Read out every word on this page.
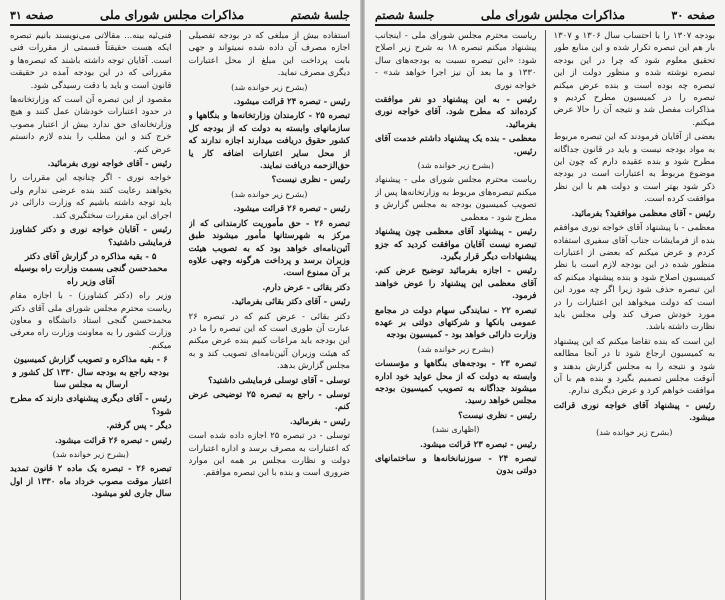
صفحه ۳۰
مذاکرات مجلس شورای ملی
جلسهٔ شصتم

بودجه ۱۳۰۷ را با احتساب سال ۱۳۰۶ و ۱۳۰۷ بار هم این تبصره تکرار شده و این منابع طور تحقیق معلوم شود که چرا در این بودجه تبصره نوشته شده و منظور دولت از این تبصره چه بوده است و بنده عرض میکنم تبصره را در کمیسیون مطرح کردیم و مذاکرات مفصل شد و نتیجه آن را حالا عرض میکنم.

بعضی از آقایان فرمودند که این تبصره مربوط به مواد بودجه نیست و باید در قانون جداگانه مطرح شود و بنده عقیده دارم که چون این موضوع مربوط به اعتبارات است در بودجه ذکر شود بهتر است و دولت هم با این نظر موافقت کرده است.

رئیس - آقای معظمی موافقید؟ بفرمائید.

معظمی - با پیشنهاد آقای خواجه نوری موافقم بنده از فرمایشات جناب آقای سفیری استفاده کردم و عرض میکنم که بعضی از اعتبارات منظور شده در این بودجه لازم است با نظر کمیسیون اصلاح شود و بنده پیشنهاد میکنم که این تبصره حذف شود زیرا اگر چه مورد این است که دولت میخواهد این اعتبارات را در مورد خودش صرف کند ولی مجلس باید نظارت داشته باشد.

این است که بنده تقاضا میکنم که این پیشنهاد به کمیسیون ارجاع شود تا در آنجا مطالعه شود و نتیجه را به مجلس گزارش بدهند و آنوقت مجلس تصمیم بگیرد و بنده هم با آن موافقت خواهم کرد و عرض دیگری ندارم.

رئیس - پیشنهاد آقای خواجه نوری قرائت میشود.

(بشرح زیر خوانده شد)

ریاست محترم مجلس شورای ملی - اینجانب پیشنهاد میکنم تبصره ۱۸ به شرح زیر اصلاح شود: «این تبصره نسبت به بودجه‌های سال ۱۳۳۰ و ما بعد آن نیز اجرا خواهد شد» - خواجه نوری

رئیس - به این پیشنهاد دو نفر موافقت کرده‌اند که مطرح شود. آقای خواجه نوری بفرمائید.

معظمی - بنده یک پیشنهاد داشتم خدمت آقای رئیس.

(بشرح زیر خوانده شد)

ریاست محترم مجلس شورای ملی - پیشنهاد میکنم تبصره‌های مربوط به وزارتخانه‌ها پس از تصویب کمیسیون بودجه به مجلس گزارش و مطرح شود - معظمی

رئیس - پیشنهاد آقای معظمی چون پیشنهاد تبصره نیست آقایان موافقت کردید که جزو پیشنهادات دیگر قرار بگیرد.

رئیس - اجازه بفرمائید توضیح عرض کنم. آقای معظمی این پیشنهاد را عوض خواهند فرمود.

تبصره ۲۲ - نمایندگی سهام دولت در مجامع عمومی بانکها و شرکتهای دولتی بر عهده وزارت دارائی خواهد بود - کمیسیون بودجه

(بشرح زیر خوانده شد)

تبصره ۲۳ - بودجه‌های بنگاهها و مؤسسات وابسته به دولت که از محل عواید خود اداره میشوند جداگانه به تصویب کمیسیون بودجه مجلس خواهد رسید.

رئیس - نظری نیست؟

(اظهاری نشد)

رئیس - تبصره ۲۳ قرائت میشود.

تبصره ۲۴ - سوزنبانخانه‌ها و ساختمانهای دولتی بدون

جلسهٔ شصتم
مذاکرات مجلس شورای ملی
صفحه ۳۱

استفاده بیش از مبلغی که در بودجه تفصیلی اجازه مصرف آن داده شده نمیتواند و جهی بابت پرداخت این مبلغ از محل اعتبارات دیگری مصرف نماید.

(بشرح زیر خوانده شد)

رئیس - تبصره ۲۴ قرائت میشود.

تبصره ۲۵ - کارمندان وزارتخانه‌ها و بنگاهها و سازمانهای وابسته به دولت که از بودجه کل کشور حقوق دریافت میدارند اجازه ندارند که از محل سایر اعتبارات اضافه کار یا حق‌الزحمه دریافت نمایند.

رئیس - نظری نیست؟

(بشرح زیر خوانده شد)

رئیس - تبصره ۲۶ قرائت میشود.

تبصره ۲۶ - حق مأموریت کارمندانی که از مرکز به شهرستانها مأمور میشوند طبق آئین‌نامه‌ای خواهد بود که به تصویب هیئت وزیران برسد و پرداخت هرگونه وجهی علاوه بر آن ممنوع است.

دکتر بقائی - عرض دارم.

رئیس - آقای دکتر بقائی بفرمائید.

دکتر بقائی - عرض کنم که در تبصره ۲۶ عبارت آن طوری است که این تبصره را ما در این بودجه باید مراعات کنیم بنده عرض میکنم که هیئت وزیران آئین‌نامه‌ای تصویب کند و به مجلس گزارش بدهد.

توسلی - آقای توسلی فرمایشی داشتید؟

توسلی - راجع به تبصره ۲۵ توضیحی عرض کنم.

رئیس - بفرمائید.

توسلی - در تبصره ۲۵ اجازه داده شده است که اعتبارات به مصرف برسد و اداره اعتبارات دولت و نظارت مجلس بر همه این موارد ضروری است و بنده با این تبصره موافقم.

فنی‌ئیه بینه... مقالاتی می‌نویسند بانیم تبصره ایکه هست حقیقتاً قسمتی از مقررات فنی است. آقایان توجه داشته باشند که تبصره‌ها و مقرراتی که در این بودجه آمده در حقیقت قانون است و باید با دقت رسیدگی شود.

مقصود از این تبصره آن است که وزارتخانه‌ها در حدود اعتبارات خودشان عمل کنند و هیچ وزارتخانه‌ای حق ندارد بیش از اعتبار مصوب خرج کند و این مطلب را بنده لازم دانستم عرض کنم.

رئیس - آقای خواجه نوری بفرمائید.

خواجه نوری - اگر چنانچه این مقررات را بخواهند رعایت کنند بنده عرضی ندارم ولی باید توجه داشته باشیم که وزارت دارائی در اجرای این مقررات سختگیری کند.

رئیس - آقایان خواجه نوری و دکتر کشاورز فرمایشی داشتید؟

۵ - بقیه مذاکره در گزارش آقای دکتر محمدحسن گنجی بسمت وزارت راه بوسیله آقای وزیر راه

وزیر راه (دکتر کشاورز) - با اجازه مقام ریاست محترم مجلس شورای ملی آقای دکتر محمدحسن گنجی استاد دانشگاه و معاون وزارت کشور را به معاونت وزارت راه معرفی میکنم.

۶ - بقیه مذاکره و تصویب گزارش کمیسیون بودجه راجع به بودجه سال ۱۳۳۰ کل کشور و ارسال به مجلس سنا

رئیس - آقای دیگری پیشنهادی دارند که مطرح شود؟

دیگر - پس گرفتم.

رئیس - تبصره ۲۶ قرائت میشود.

(بشرح زیر خوانده شد)

تبصره ۲۶ - تبصره یک ماده ۲ قانون تمدید اعتبار موقت مصوب خرداد ماه ۱۳۳۰ از اول سال جاری لغو میشود.
